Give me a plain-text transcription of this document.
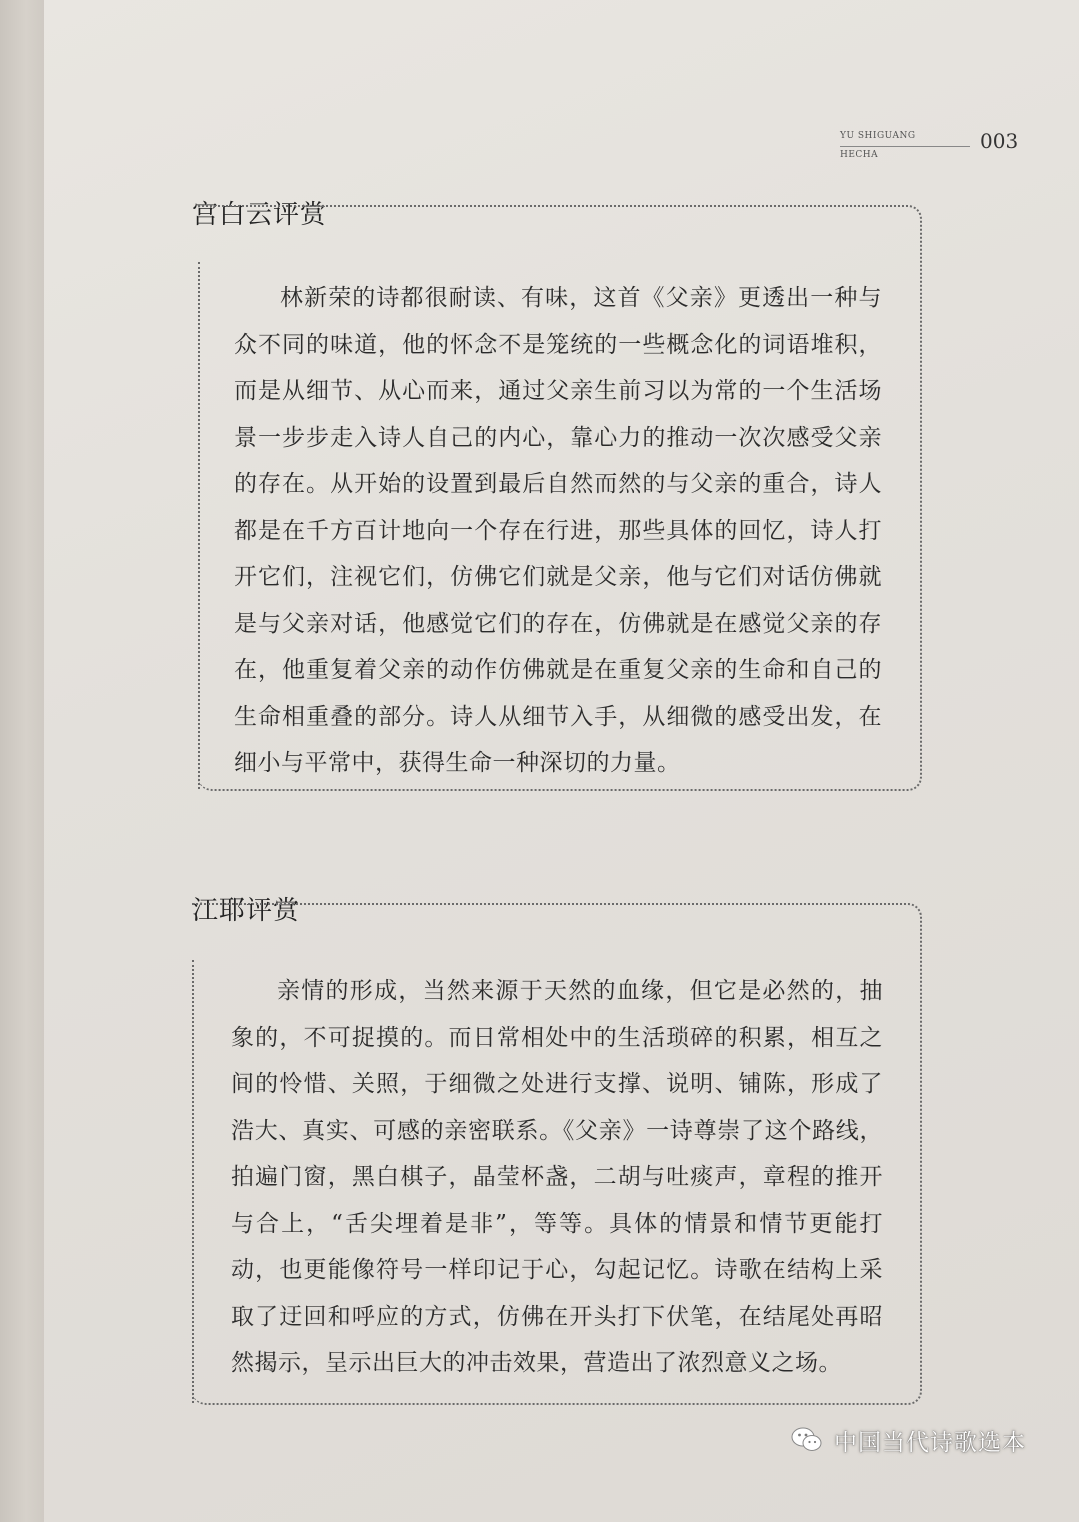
YU SHIGUANG
HECHA
003
宫白云评赏
林新荣的诗都很耐读、有味，这首《父亲》更透出一种与众不同的味道，他的怀念不是笼统的一些概念化的词语堆积，而是从细节、从心而来，通过父亲生前习以为常的一个生活场景一步步走入诗人自己的内心，靠心力的推动一次次感受父亲的存在。从开始的设置到最后自然而然的与父亲的重合，诗人都是在千方百计地向一个存在行进，那些具体的回忆，诗人打开它们，注视它们，仿佛它们就是父亲，他与它们对话仿佛就是与父亲对话，他感觉它们的存在，仿佛就是在感觉父亲的存在，他重复着父亲的动作仿佛就是在重复父亲的生命和自己的生命相重叠的部分。诗人从细节入手，从细微的感受出发，在细小与平常中，获得生命一种深切的力量。
江耶评赏
亲情的形成，当然来源于天然的血缘，但它是必然的，抽象的，不可捉摸的。而日常相处中的生活琐碎的积累，相互之间的怜惜、关照，于细微之处进行支撑、说明、铺陈，形成了浩大、真实、可感的亲密联系。《父亲》一诗尊崇了这个路线，拍遍门窗，黑白棋子，晶莹杯盏，二胡与吐痰声，章程的推开与合上，“舌尖埋着是非”，等等。具体的情景和情节更能打动，也更能像符号一样印记于心，勾起记忆。诗歌在结构上采取了迂回和呼应的方式，仿佛在开头打下伏笔，在结尾处再昭然揭示，呈示出巨大的冲击效果，营造出了浓烈意义之场。
中国当代诗歌选本
